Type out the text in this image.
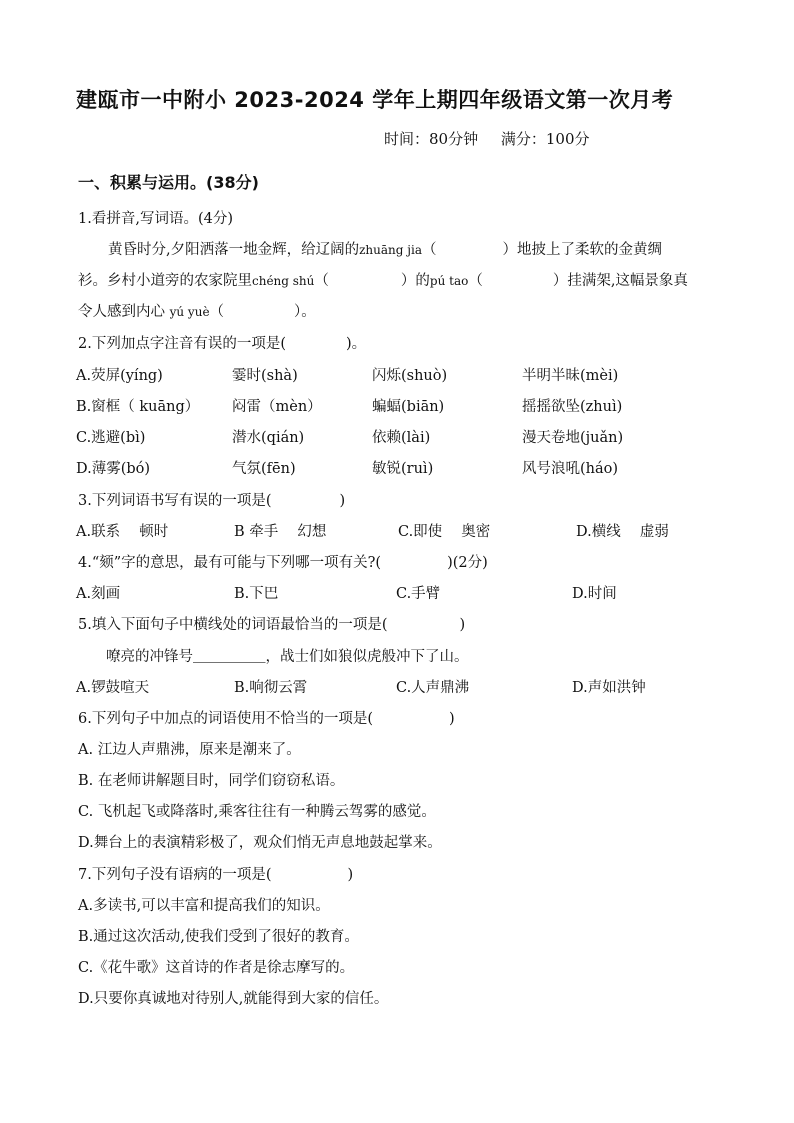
建瓯市一中附小 2023-2024 学年上期四年级语文第一次月考
时间：80分钟 满分：100分
一、积累与运用。(38分)
1.看拼音,写词语。(4分)
黄昏时分,夕阳洒落一地金辉，给辽阔的zhuāng jia（	）地披上了柔软的金黄绸
衫。乡村小道旁的农家院里chéng shú（	）的pú tao（	）挂满架,这幅景象真
令人感到内心 yú yuè（	）。
2.下列加点字注音有误的一项是(	)。
A.荧屏(yíng)	霎时(shà)	闪烁(shuò)	半明半昧(mèi)
B.窗框（ kuāng） 闷雷（mèn）	蝙蝠(biān)	摇摇欲坠(zhuì)
C.逃避(bì)	潜水(qián)	依赖(lài)	漫天卷地(juǎn)
D.薄雾(bó)	气氛(fēn)	敏锐(ruì)	风号浪吼(háo)
3.下列词语书写有误的一项是(	)
A.联系　 顿时	B 牵手　 幻想	C.即使　 奥密	D.横线　 虚弱
4.“颏”字的意思，最有可能与下列哪一项有关?(	)(2分)
A.刻画	B.下巴	C.手臂	D.时间
5.填入下面句子中横线处的词语最恰当的一项是(	)
嘹亮的冲锋号＿＿＿＿＿，战士们如狼似虎般冲下了山。
A.锣鼓喧天	B.响彻云霄	C.人声鼎沸	D.声如洪钟
6.下列句子中加点的词语使用不恰当的一项是(	)
A. 江边人声鼎沸，原来是潮来了。
B. 在老师讲解题目时，同学们窃窃私语。
C. 飞机起飞或降落时,乘客往往有一种腾云驾雾的感觉。
D.舞台上的表演精彩极了，观众们悄无声息地鼓起掌来。
7.下列句子没有语病的一项是(	)
A.多读书,可以丰富和提高我们的知识。
B.通过这次活动,使我们受到了很好的教育。
C.《花牛歌》这首诗的作者是徐志摩写的。
D.只要你真诚地对待别人,就能得到大家的信任。
